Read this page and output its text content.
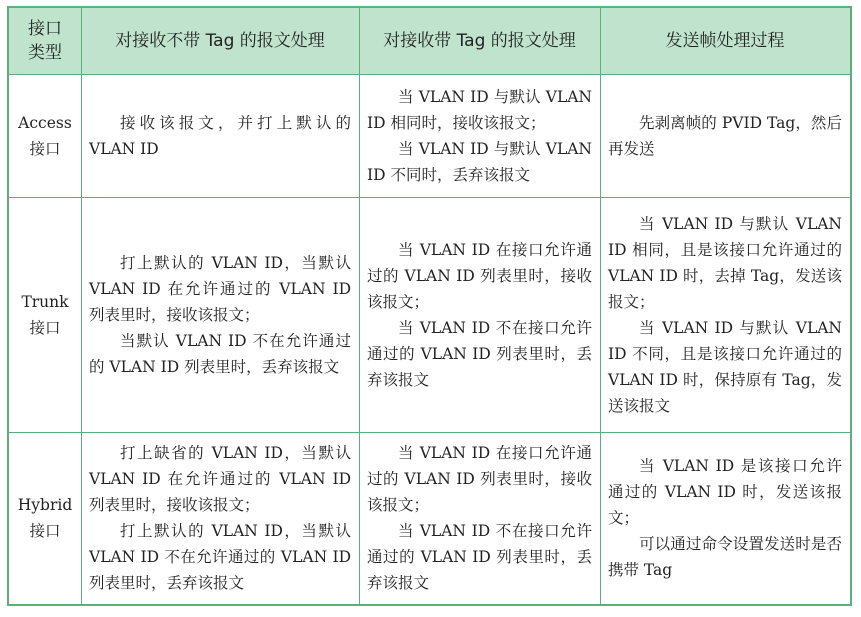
接口
类型
对接收不带 Tag 的报文处理	对接收带 Tag 的报文处理	发送帧处理过程

Access

接口

接收该报文，并打上默认的 VLAN ID

当 VLAN ID 与默认 VLAN ID 相同时，接收该报文；

当 VLAN ID 与默认 VLAN ID 不同时，丢弃该报文

先剥离帧的 PVID Tag，然后再发送

Trunk

接口

打上默认的 VLAN ID，当默认 VLAN ID 在允许通过的 VLAN ID 列表里时，接收该报文；

当默认 VLAN ID 不在允许通过的 VLAN ID 列表里时，丢弃该报文

当 VLAN ID 在接口允许通过的 VLAN ID 列表里时，接收该报文；

当 VLAN ID 不在接口允许通过的 VLAN ID 列表里时，丢弃该报文

当 VLAN ID 与默认 VLAN ID 相同，且是该接口允许通过的 VLAN ID 时，去掉 Tag，发送该报文；

当 VLAN ID 与默认 VLAN ID 不同，且是该接口允许通过的 VLAN ID 时，保持原有 Tag，发送该报文

Hybrid

接口

打上缺省的 VLAN ID，当默认 VLAN ID 在允许通过的 VLAN ID 列表里时，接收该报文；

打上默认的 VLAN ID，当默认 VLAN ID 不在允许通过的 VLAN ID 列表里时，丢弃该报文

当 VLAN ID 在接口允许通过的 VLAN ID 列表里时，接收该报文；

当 VLAN ID 不在接口允许通过的 VLAN ID 列表里时，丢弃该报文

当 VLAN ID 是该接口允许通过的 VLAN ID 时，发送该报文；

可以通过命令设置发送时是否携带 Tag
